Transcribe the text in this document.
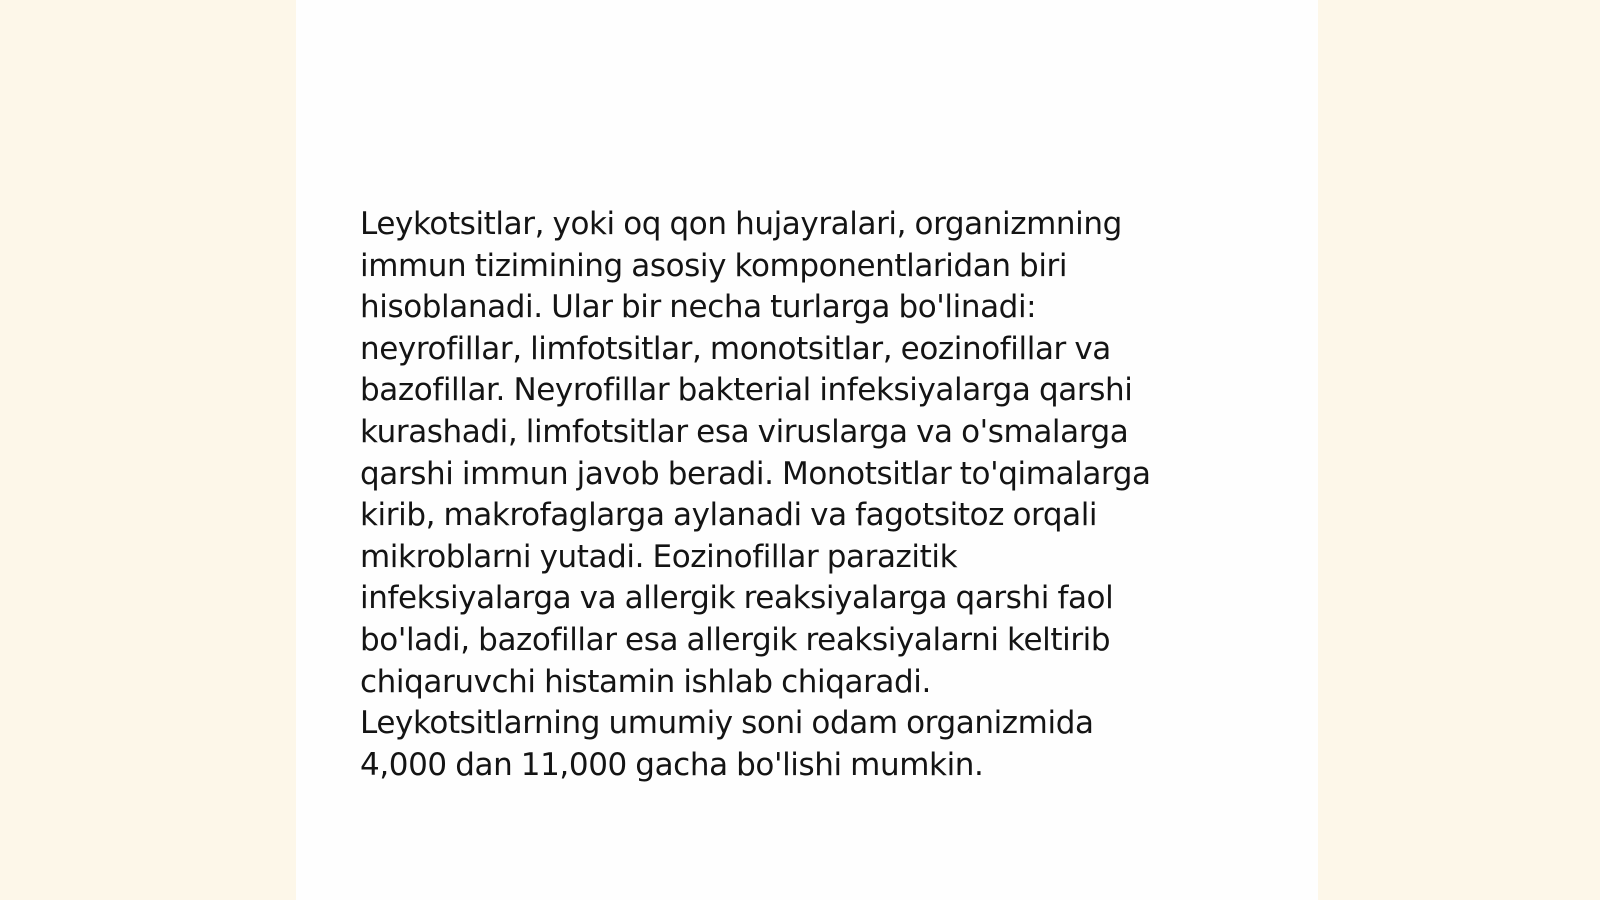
Leykotsitlar, yoki oq qon hujayralari, organizmning
immun tizimining asosiy komponentlaridan biri
hisoblanadi. Ular bir necha turlarga bo'linadi:
neyrofillar, limfotsitlar, monotsitlar, eozinofillar va
bazofillar. Neyrofillar bakterial infeksiyalarga qarshi
kurashadi, limfotsitlar esa viruslarga va o'smalarga
qarshi immun javob beradi. Monotsitlar to'qimalarga
kirib, makrofaglarga aylanadi va fagotsitoz orqali
mikroblarni yutadi. Eozinofillar parazitik
infeksiyalarga va allergik reaksiyalarga qarshi faol
bo'ladi, bazofillar esa allergik reaksiyalarni keltirib
chiqaruvchi histamin ishlab chiqaradi.
Leykotsitlarning umumiy soni odam organizmida
4,000 dan 11,000 gacha bo'lishi mumkin.
